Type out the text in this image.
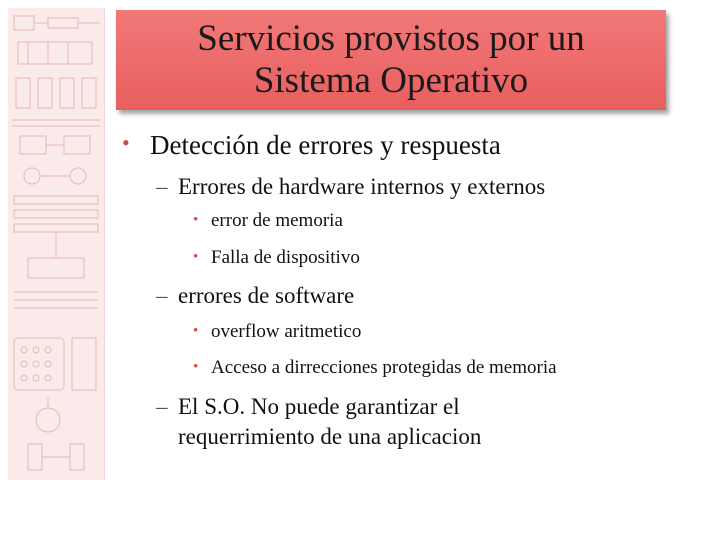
Servicios provistos por un
Sistema Operativo
• Detección de errores y respuesta
– Errores de hardware internos y externos
• error de memoria
• Falla de dispositivo
– errores de software
• overflow aritmetico
• Acceso a dirrecciones protegidas de memoria
– El S.O. No puede garantizar el
requerrimiento de una aplicacion
